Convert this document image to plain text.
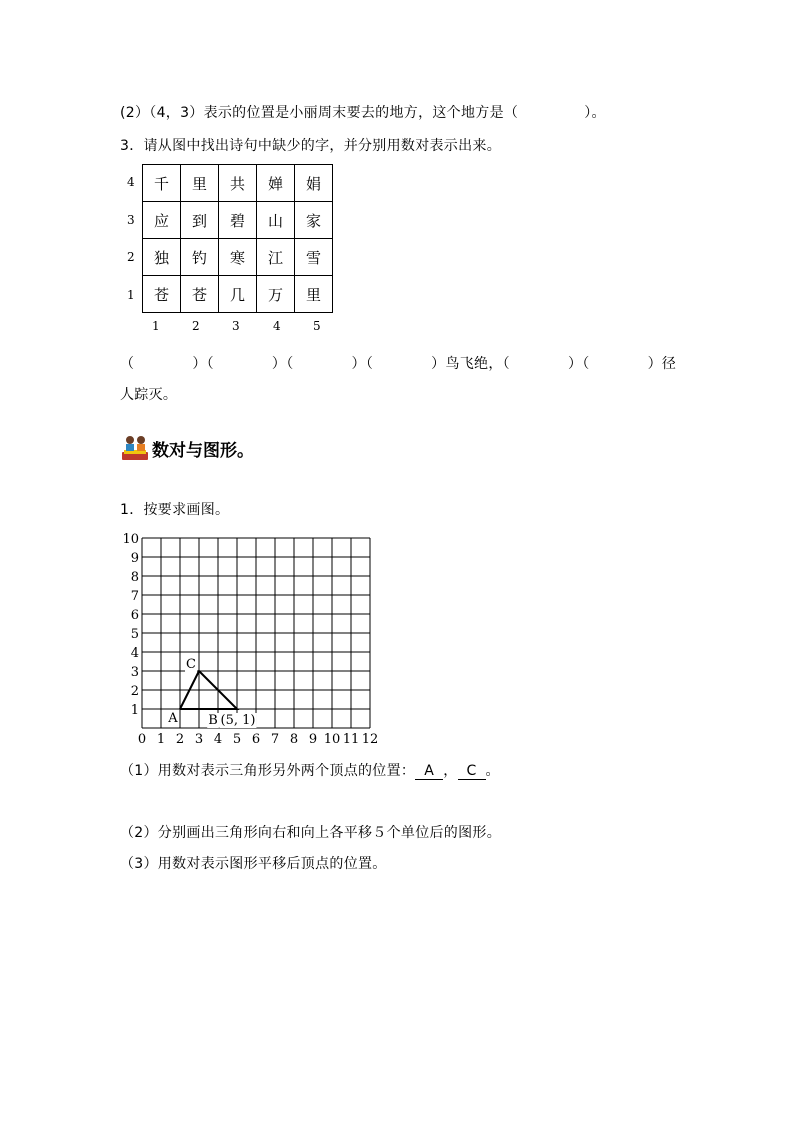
(2）（4，3）表示的位置是小丽周末要去的地方，这个地方是（	）。
3．请从图中找出诗句中缺少的字，并分别用数对表示出来。
4
3
2
1
千	里	共	婵	娟
应	到	碧	山	家
独	钓	寒	江	雪
苍	苍	几	万	里
1	2	3	4	5
（	）（	）（	）（	）鸟飞绝，（	）（	）径
人踪灭。
数对与图形。
1．按要求画图。
10
9
8
7
6
5
4
3
2
1
0 1 2 3 4 5 6 7 8 9 10 11 12
A B (5, 1)
C
（1）用数对表示三角形另外两个顶点的位置： A ， C 。
（2）分别画出三角形向右和向上各平移５个单位后的图形。
（3）用数对表示图形平移后顶点的位置。
